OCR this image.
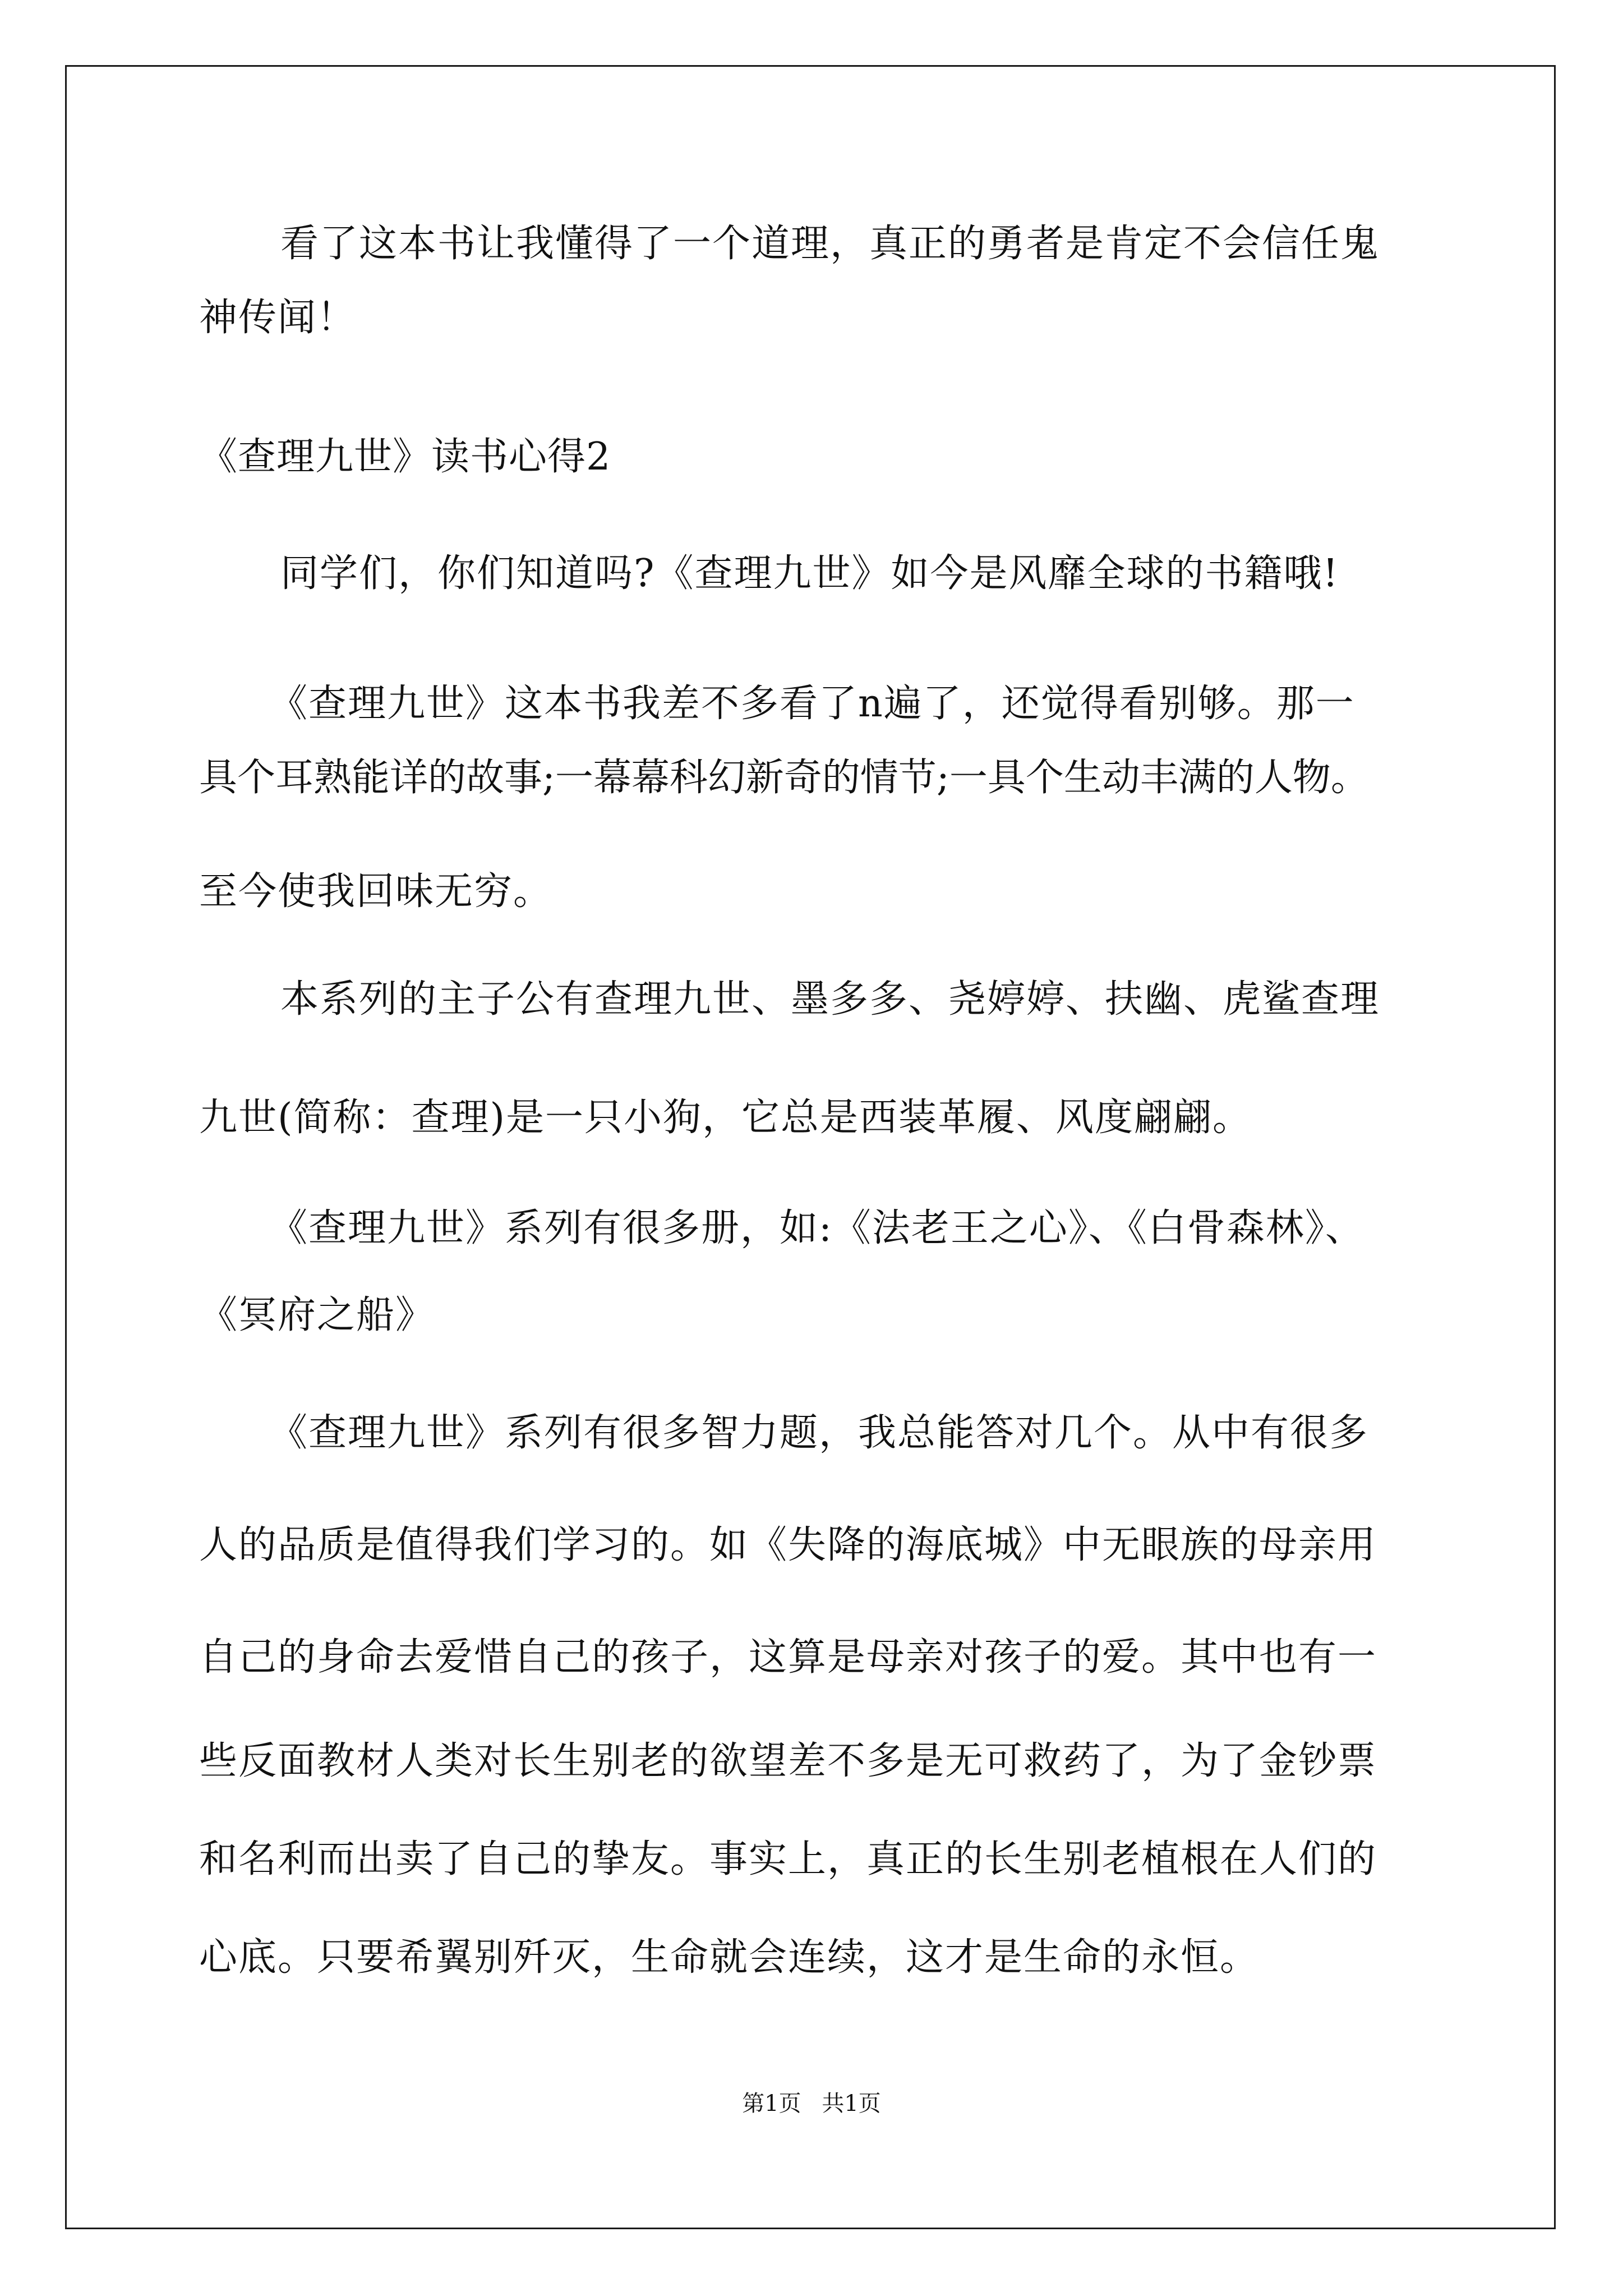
看了这本书让我懂得了一个道理，真正的勇者是肯定不会信任鬼
神传闻！
《查理九世》读书心得2
同学们，你们知道吗?《查理九世》如今是风靡全球的书籍哦!
《查理九世》这本书我差不多看了n遍了，还觉得看别够。那一
具个耳熟能详的故事;一幕幕科幻新奇的情节;一具个生动丰满的人物。
至今使我回味无穷。
本系列的主子公有查理九世、墨多多、尧婷婷、扶幽、虎鲨查理
九世(简称：查理)是一只小狗，它总是西装革履、风度翩翩。
《查理九世》系列有很多册，如:《法老王之心》、《白骨森林》、
《冥府之船》
《查理九世》系列有很多智力题，我总能答对几个。从中有很多
人的品质是值得我们学习的。如《失降的海底城》中无眼族的母亲用
自己的身命去爱惜自己的孩子，这算是母亲对孩子的爱。其中也有一
些反面教材人类对长生别老的欲望差不多是无可救药了，为了金钞票
和名利而出卖了自己的挚友。事实上，真正的长生别老植根在人们的
心底。只要希翼别歼灭，生命就会连续，这才是生命的永恒。
第1页 共1页
